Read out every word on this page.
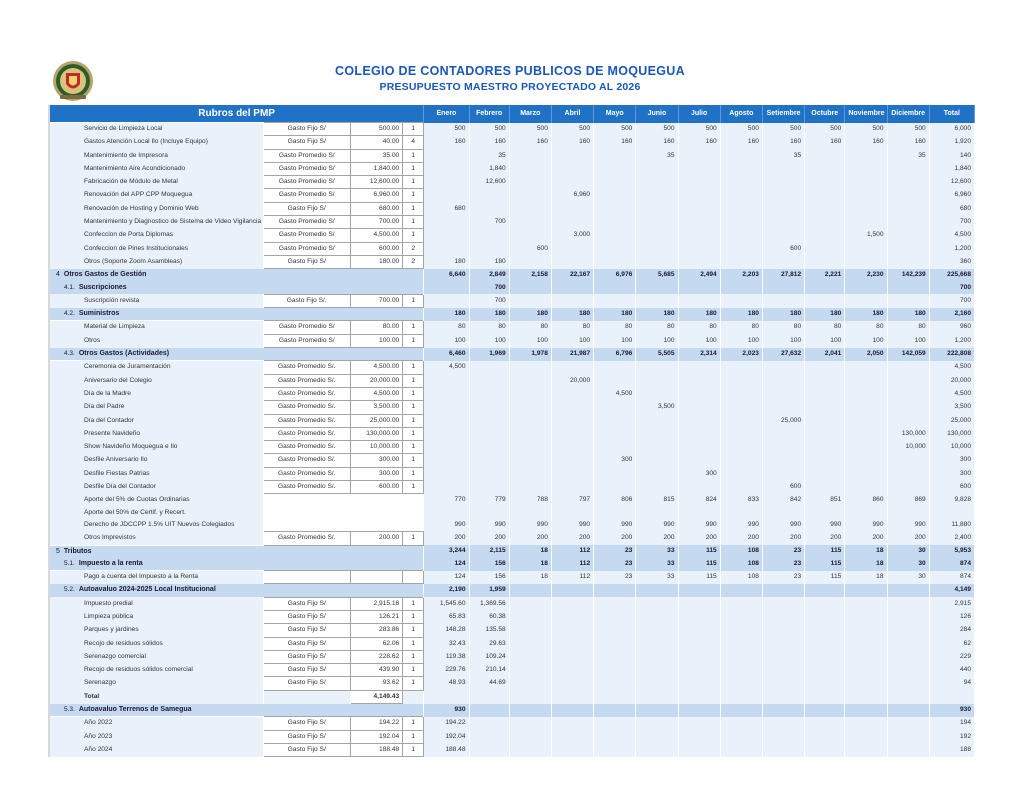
COLEGIO DE CONTADORES PUBLICOS DE MOQUEGUA
PRESUPUESTO MAESTRO PROYECTADO AL 2026
Rubros del PMP				Enero	Febrero	Marzo	Abril	Mayo	Junio	Julio	Agosto	Setiembre	Octubre	Noviembre	Diciembre	Total
Servicio de Limpieza Local	Gasto Fijo S/	500.00	1	500	500	500	500	500	500	500	500	500	500	500	500	6,000
Gastos Atención Local Ilo (Incluye Equipo)	Gasto Fijo S/	40.00	4	160	160	160	160	160	160	160	160	160	160	160	160	1,920
Mantenimiento de Impresora	Gasto Promedio S/	35.00	1		35				35			35			35	140
Mantenimiento Aire Acondicionado	Gasto Promedio S/	1,840.00	1		1,840											1,840
Fabricación de Módulo de Metal	Gasto Promedio S/	12,600.00	1		12,600											12,600
Renovación del APP CPP Moquegua	Gasto Promedio S/	6,960.00	1				6,960									6,960
Renovación de Hosting y Dominio Web	Gasto Fijo S/	680.00	1	680												680
Mantenimiento y Diagnostico de Sistema de Video Vigilancia	Gasto Promedio S/	700.00	1		700											700
Confeccion de Porta Diplomas	Gasto Promedio S/	4,500.00	1				3,000							1,500		4,500
Confeccion de Pines Institucionales	Gasto Promedio S/	600.00	2			600						600				1,200
Otros (Soporte Zoom Asambleas)	Gasto Fijo S/	180.00	2	180	180											360
4 Otros Gastos de Gestión				6,640	2,849	2,158	22,167	6,976	5,685	2,494	2,203	27,812	2,221	2,230	142,239	225,668
4.1. Suscripciones					700											700
Suscripción revista	Gasto Fijo S/.	700.00	1		700											700
4.2. Suministros				180	180	180	180	180	180	180	180	180	180	180	180	2,160
Material de Limpieza	Gasto Promedio S/	80.00	1	80	80	80	80	80	80	80	80	80	80	80	80	960
Otros	Gasto Promedio S/	100.00	1	100	100	100	100	100	100	100	100	100	100	100	100	1,200
4.3. Otros Gastos (Actividades)				6,460	1,969	1,978	21,987	6,796	5,505	2,314	2,023	27,632	2,041	2,050	142,059	222,808
Ceremonia de Juramentación	Gasto Promedio S/.	4,500.00	1	4,500												4,500
Aniversario del Colegio	Gasto Promedio S/.	20,000.00	1				20,000									20,000
Día de la Madre	Gasto Promedio S/.	4,500.00	1					4,500								4,500
Día del Padre	Gasto Promedio S/.	3,500.00	1						3,500							3,500
Día del Contador	Gasto Promedio S/.	25,000.00	1									25,000				25,000
Presente Navideño	Gasto Promedio S/.	130,000.00	1												130,000	130,000
Show Navideño Moquegua e Ilo	Gasto Promedio S/.	10,000.00	1												10,000	10,000
Desfile Aniversario Ilo	Gasto Promedio S/.	300.00	1					300								300
Desfile Fiestas Patrias	Gasto Promedio S/.	300.00	1							300						300
Desfile Día del Contador	Gasto Promedio S/.	600.00	1									600				600
Aporte del 5% de Cuotas Ordinarias				770	779	788	797	806	815	824	833	842	851	860	869	9,828
Aporte del 50% de Certif. y Recert.																
Derecho de JDCCPP 1.5% UIT Nuevos Colegiados				990	990	990	990	990	990	990	990	990	990	990	990	11,880
Otros Imprevistos	Gasto Promedio S/.	200.00	1	200	200	200	200	200	200	200	200	200	200	200	200	2,400
5 Tributos				3,244	2,115	18	112	23	33	115	108	23	115	18	30	5,953
5.1. Impuesto a la renta				124	156	18	112	23	33	115	108	23	115	18	30	874
Pago a cuenta del Impuesto a la Renta				124	156	18	112	23	33	115	108	23	115	18	30	874
5.2. Autoavaluo 2024-2025 Local Institucional				2,190	1,959											4,149
Impuesto predial	Gasto Fijo S/	2,915.16	1	1,545.60	1,369.56											2,915
Limpieza pública	Gasto Fijo S/	126.21	1	65.83	60.38											126
Parques y jardines	Gasto Fijo S/	283.86	1	148.28	135.58											284
Recojo de residuos sólidos	Gasto Fijo S/	62.06	1	32.43	29.63											62
Serenazgo comercial	Gasto Fijo S/	228.62	1	119.38	109.24											229
Recojo de residuos sólidos comercial	Gasto Fijo S/	439.90	1	229.76	210.14											440
Serenazgo	Gasto Fijo S/	93.62	1	48.93	44.69											94
Total		4,149.43														
5.3. Autoavaluo Terrenos de Samegua				930												930
Año 2022	Gasto Fijo S/	194.22	1	194.22												194
Año 2023	Gasto Fijo S/	192.04	1	192.04												192
Año 2024	Gasto Fijo S/	188.48	1	188.48												188
